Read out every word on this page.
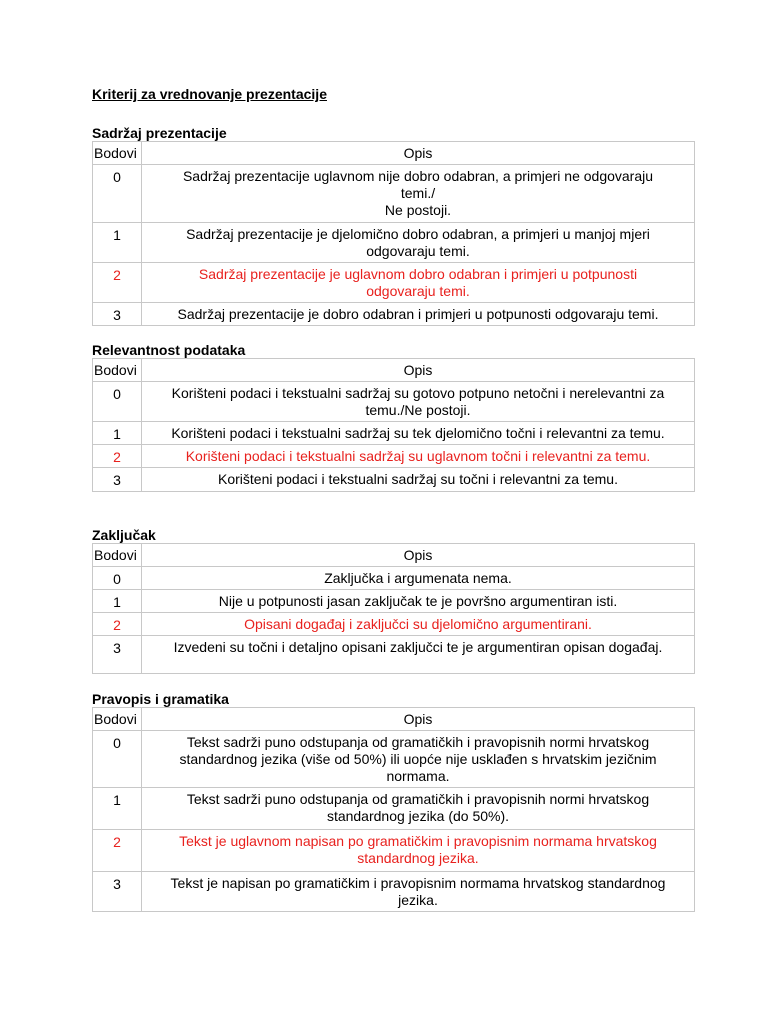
Kriterij za vrednovanje prezentacije
Sadržaj prezentacije
Bodovi	Opis
0	Sadržaj prezentacije uglavnom nije dobro odabran, a primjeri ne odgovaraju
temi./
Ne postoji.
1	Sadržaj prezentacije je djelomično dobro odabran, a primjeri u manjoj mjeri
odgovaraju temi.
2	Sadržaj prezentacije je uglavnom dobro odabran i primjeri u potpunosti
odgovaraju temi.
3	Sadržaj prezentacije je dobro odabran i primjeri u potpunosti odgovaraju temi.
Relevantnost podataka
Bodovi	Opis
0	Korišteni podaci i tekstualni sadržaj su gotovo potpuno netočni i nerelevantni za
temu./Ne postoji.
1	Korišteni podaci i tekstualni sadržaj su tek djelomično točni i relevantni za temu.
2	Korišteni podaci i tekstualni sadržaj su uglavnom točni i relevantni za temu.
3	Korišteni podaci i tekstualni sadržaj su točni i relevantni za temu.
Zaključak
Bodovi	Opis
0	Zaključka i argumenata nema.
1	Nije u potpunosti jasan zaključak te je površno argumentiran isti.
2	Opisani događaj i zaključci su djelomično argumentirani.
3	Izvedeni su točni i detaljno opisani zaključci te je argumentiran opisan događaj.
Pravopis i gramatika
Bodovi	Opis
0	Tekst sadrži puno odstupanja od gramatičkih i pravopisnih normi hrvatskog
standardnog jezika (više od 50%) ili uopće nije usklađen s hrvatskim jezičnim
normama.
1	Tekst sadrži puno odstupanja od gramatičkih i pravopisnih normi hrvatskog
standardnog jezika (do 50%).
2	Tekst je uglavnom napisan po gramatičkim i pravopisnim normama hrvatskog
standardnog jezika.
3	Tekst je napisan po gramatičkim i pravopisnim normama hrvatskog standardnog
jezika.
